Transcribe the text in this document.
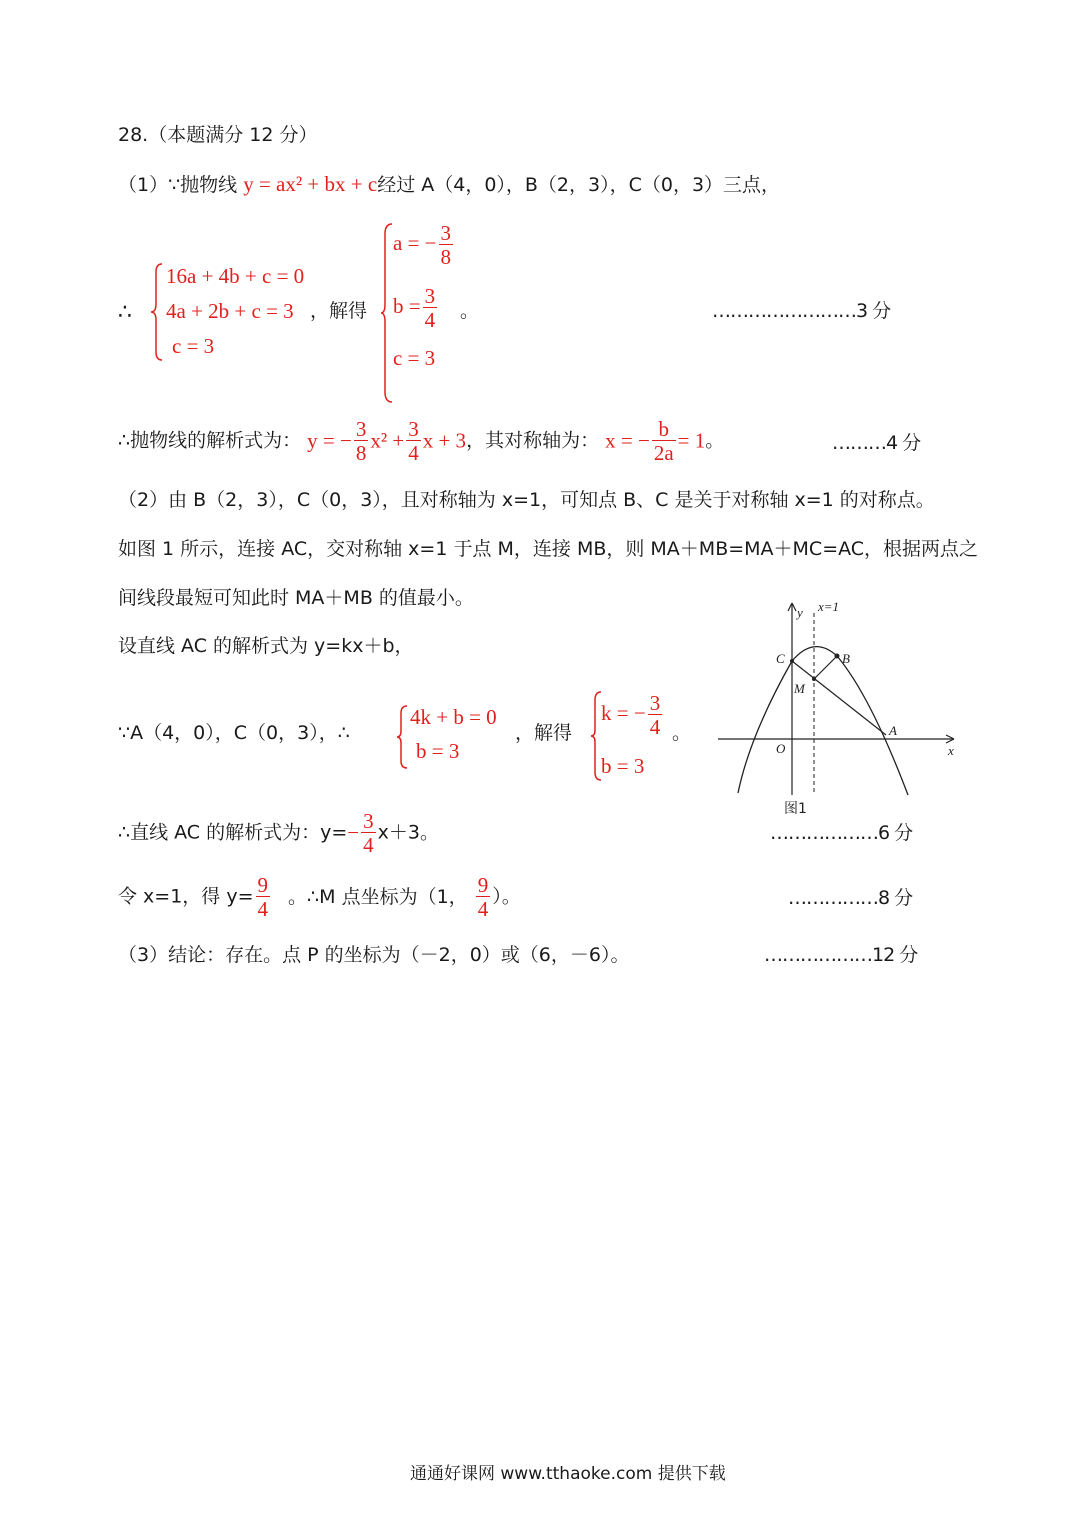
28.（本题满分 12 分）
（1）∵抛物线 y = ax² + bx + c经过 A（4，0），B（2，3），C（0，3）三点，
∴
16a + 4b + c = 0
4a + 2b + c = 3
c = 3
，解得
a = − $\frac{3}{8}$
$b = \frac{3}{4}$
c = 3
。	……………………3 分
∴抛物线的解析式为： y = − $\frac{3}{8} x^2 + \frac{3}{4}$ x + 3，其对称轴为： x = − $\frac{b}{2a} = 1$。	………4 分
（2）由 B（2，3），C（0，3），且对称轴为 x=1，可知点 B、C 是关于对称轴 x=1 的对称点。
如图 1 所示，连接 AC，交对称轴 x=1 于点 M，连接 MB，则 MA＋MB=MA＋MC=AC，根据两点之
间线段最短可知此时 MA＋MB 的值最小。
设直线 AC 的解析式为 y=kx＋b，
∵A（4，0），C（0，3），∴
4k + b = 0
b = 3
，解得
k = − $\frac{3}{4}$
b = 3
。
∴直线 AC 的解析式为：$y=- \frac{3}{4} x+3$。	………………6 分
令 x=1，得 $y= \frac{9}{4}$ 。∴M 点坐标为（1， $\frac{9}{4}$ ）。	……………8 分
（3）结论：存在。点 P 的坐标为（－2，0）或（6，－6）。	………………12 分
y x=1
C	B
M
A
O	x
图1
通通好课网 www.tthaoke.com 提供下载
